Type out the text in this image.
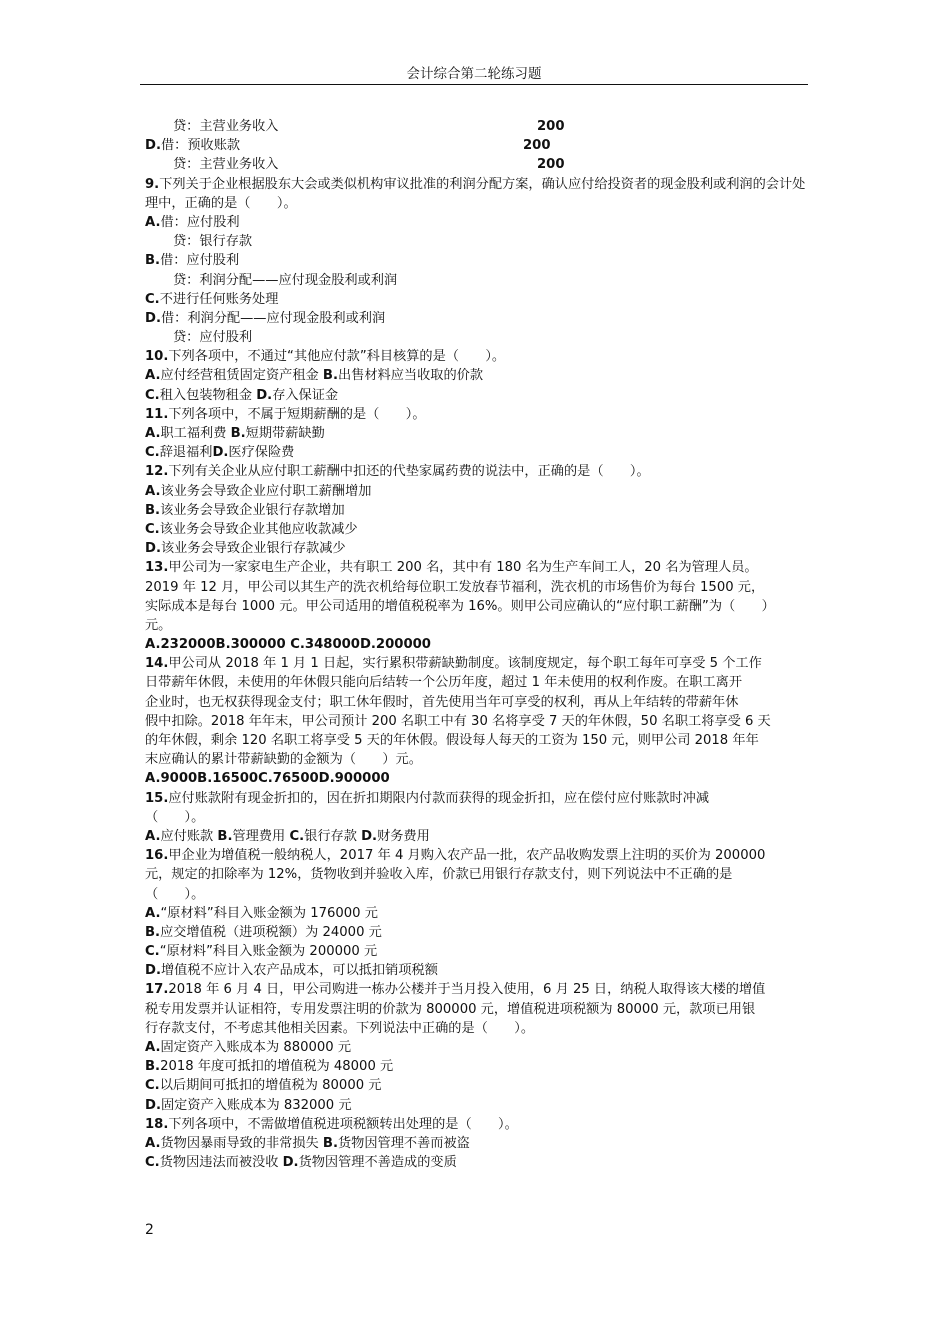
会计综合第二轮练习题
贷：主营业务收入	200
D.借：预收账款	200
贷：主营业务收入	200
9.下列关于企业根据股东大会或类似机构审议批准的利润分配方案，确认应付给投资者的现金股利或利润的会计处理中，正确的是（　　）。
A.借：应付股利
贷：银行存款
B.借：应付股利
贷：利润分配——应付现金股利或利润
C.不进行任何账务处理
D.借：利润分配——应付现金股利或利润
贷：应付股利
10.下列各项中，不通过“其他应付款”科目核算的是（　　）。
A.应付经营租赁固定资产租金 B.出售材料应当收取的价款
C.租入包装物租金 D.存入保证金
11.下列各项中，不属于短期薪酬的是（　　）。
A.职工福利费 B.短期带薪缺勤
C.辞退福利D.医疗保险费
12.下列有关企业从应付职工薪酬中扣还的代垫家属药费的说法中，正确的是（　　）。
A.该业务会导致企业应付职工薪酬增加
B.该业务会导致企业银行存款增加
C.该业务会导致企业其他应收款减少
D.该业务会导致企业银行存款减少
13.甲公司为一家家电生产企业，共有职工 200 名，其中有 180 名为生产车间工人，20 名为管理人员。
2019 年 12 月，甲公司以其生产的洗衣机给每位职工发放春节福利，洗衣机的市场售价为每台 1500 元，
实际成本是每台 1000 元。甲公司适用的增值税税率为 16%。则甲公司应确认的“应付职工薪酬”为（　　）
元。
A.232000B.300000 C.348000D.200000
14.甲公司从 2018 年 1 月 1 日起，实行累积带薪缺勤制度。该制度规定，每个职工每年可享受 5 个工作
日带薪年休假，未使用的年休假只能向后结转一个公历年度，超过 1 年未使用的权利作废。在职工离开
企业时，也无权获得现金支付；职工休年假时，首先使用当年可享受的权利，再从上年结转的带薪年休
假中扣除。2018 年年末，甲公司预计 200 名职工中有 30 名将享受 7 天的年休假，50 名职工将享受 6 天
的年休假，剩余 120 名职工将享受 5 天的年休假。假设每人每天的工资为 150 元，则甲公司 2018 年年
末应确认的累计带薪缺勤的金额为（　　）元。
A.9000B.16500C.76500D.900000
15.应付账款附有现金折扣的，因在折扣期限内付款而获得的现金折扣，应在偿付应付账款时冲减
（　　）。
A.应付账款 B.管理费用 C.银行存款 D.财务费用
16.甲企业为增值税一般纳税人，2017 年 4 月购入农产品一批，农产品收购发票上注明的买价为 200000
元，规定的扣除率为 12%，货物收到并验收入库，价款已用银行存款支付，则下列说法中不正确的是
（　　）。
A.“原材料”科目入账金额为 176000 元
B.应交增值税（进项税额）为 24000 元
C.“原材料”科目入账金额为 200000 元
D.增值税不应计入农产品成本，可以抵扣销项税额
17.2018 年 6 月 4 日，甲公司购进一栋办公楼并于当月投入使用，6 月 25 日，纳税人取得该大楼的增值
税专用发票并认证相符，专用发票注明的价款为 800000 元，增值税进项税额为 80000 元，款项已用银
行存款支付，不考虑其他相关因素。下列说法中正确的是（　　）。
A.固定资产入账成本为 880000 元
B.2018 年度可抵扣的增值税为 48000 元
C.以后期间可抵扣的增值税为 80000 元
D.固定资产入账成本为 832000 元
18.下列各项中，不需做增值税进项税额转出处理的是（　　）。
A.货物因暴雨导致的非常损失 B.货物因管理不善而被盗
C.货物因违法而被没收 D.货物因管理不善造成的变质
2
